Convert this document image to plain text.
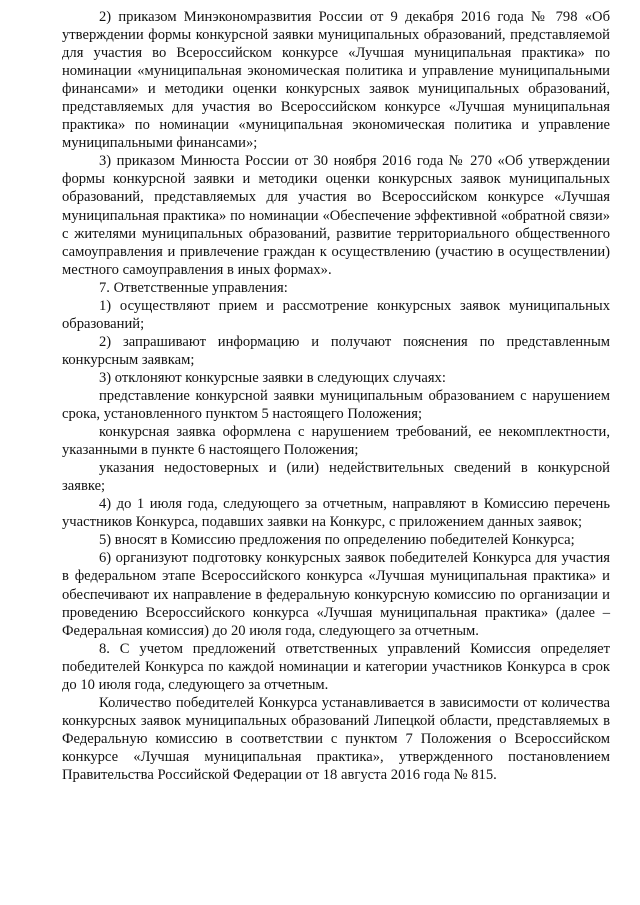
2) приказом Минэкономразвития России от 9 декабря 2016 года № 798 «Об утверждении формы конкурсной заявки муниципальных образований, представляемой для участия во Всероссийском конкурсе «Лучшая муниципальная практика» по номинации «муниципальная экономическая политика и управление муниципальными финансами» и методики оценки конкурсных заявок муниципальных образований, представляемых для участия во Всероссийском конкурсе «Лучшая муниципальная практика» по номинации «муниципальная экономическая политика и управление муниципальными финансами»;

3) приказом Минюста России от 30 ноября 2016 года № 270 «Об утверждении формы конкурсной заявки и методики оценки конкурсных заявок муниципальных образований, представляемых для участия во Всероссийском конкурсе «Лучшая муниципальная практика» по номинации «Обеспечение эффективной «обратной связи» с жителями муниципальных образований, развитие территориального общественного самоуправления и привлечение граждан к осуществлению (участию в осуществлении) местного самоуправления в иных формах».

7. Ответственные управления:

1) осуществляют прием и рассмотрение конкурсных заявок муниципальных образований;

2) запрашивают информацию и получают пояснения по представленным конкурсным заявкам;

3) отклоняют конкурсные заявки в следующих случаях:

представление конкурсной заявки муниципальным образованием с нарушением срока, установленного пунктом 5 настоящего Положения;

конкурсная заявка оформлена с нарушением требований, ее некомплектности, указанными в пункте 6 настоящего Положения;

указания недостоверных и (или) недействительных сведений в конкурсной заявке;

4) до 1 июля года, следующего за отчетным, направляют в Комиссию перечень участников Конкурса, подавших заявки на Конкурс, с приложением данных заявок;

5) вносят в Комиссию предложения по определению победителей Конкурса;

6) организуют подготовку конкурсных заявок победителей Конкурса для участия в федеральном этапе Всероссийского конкурса «Лучшая муниципальная практика» и обеспечивают их направление в федеральную конкурсную комиссию по организации и проведению Всероссийского конкурса «Лучшая муниципальная практика» (далее – Федеральная комиссия) до 20 июля года, следующего за отчетным.

8. С учетом предложений ответственных управлений Комиссия определяет победителей Конкурса по каждой номинации и категории участников Конкурса в срок до 10 июля года, следующего за отчетным.

Количество победителей Конкурса устанавливается в зависимости от количества конкурсных заявок муниципальных образований Липецкой области, представляемых в Федеральную комиссию в соответствии с пунктом 7 Положения о Всероссийском конкурсе «Лучшая муниципальная практика», утвержденного постановлением Правительства Российской Федерации от 18 августа 2016 года № 815.
